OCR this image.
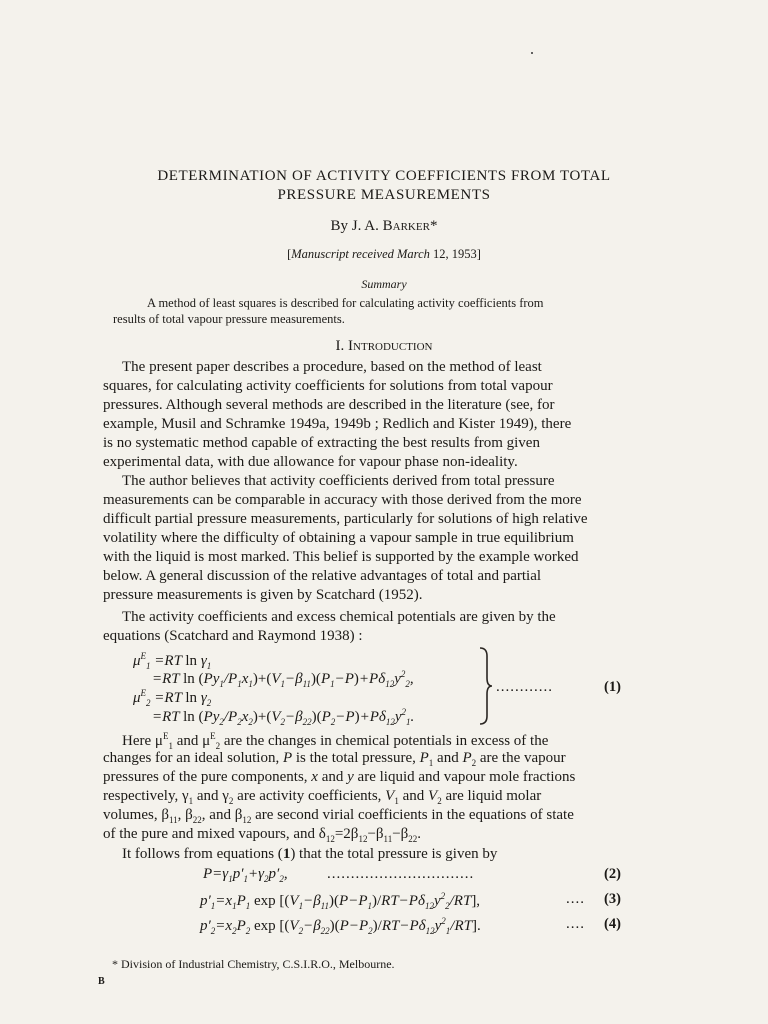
DETERMINATION OF ACTIVITY COEFFICIENTS FROM TOTAL
PRESSURE MEASUREMENTS
By J. A. Barker*
[Manuscript received March 12, 1953]
Summary
A method of least squares is described for calculating activity coefficients from
results of total vapour pressure measurements.
I. Introduction
The present paper describes a procedure, based on the method of least
squares, for calculating activity coefficients for solutions from total vapour
pressures. Although several methods are described in the literature (see, for
example, Musil and Schramke 1949a, 1949b ; Redlich and Kister 1949), there
is no systematic method capable of extracting the best results from given
experimental data, with due allowance for vapour phase non-ideality.
The author believes that activity coefficients derived from total pressure
measurements can be comparable in accuracy with those derived from the more
difficult partial pressure measurements, particularly for solutions of high relative
volatility where the difficulty of obtaining a vapour sample in true equilibrium
with the liquid is most marked. This belief is supported by the example worked
below. A general discussion of the relative advantages of total and partial
pressure measurements is given by Scatchard (1952).
The activity coefficients and excess chemical potentials are given by the
equations (Scatchard and Raymond 1938) :
$\mu^E_1 =RT$ $\ln \gamma_1$
=RT $\ln (Py_1/P_1x_1)+(V_1-\beta_{11})(P_1-P)+P\delta_{12}y^2_2$,
$\mu^E_2 =RT$ $\ln \gamma_2$
=RT $\ln (Py_2/P_2x_2)+(V_2-\beta_{22})(P_2-P)+P\delta_{12}y^2_1$.
............	(1)
Here $\mu^E_1$ and $\mu^E_2$ are the changes in chemical potentials in excess of the
changes for an ideal solution, P is the total pressure, $P_1$ and $P_2$ are the vapour
pressures of the pure components, x and y are liquid and vapour mole fractions
respectively, $\gamma_1$ and $\gamma_2$ are activity coefficients, $V_1$ and $V_2$ are liquid molar
volumes, $\beta_{11}$, $\beta_{22}$, and $\beta_{12}$ are second virial coefficients in the equations of state
of the pure and mixed vapours, and $\delta_{12}=2\beta_{12}-\beta_{11}-\beta_{22}$.
It follows from equations (1) that the total pressure is given by
$P=\gamma_1p'_1+\gamma_2p'_2$,	...............................	(2)
$p'_1=x_1P_1$ $\exp [(V_1-\beta_{11})(P-P_1)/RT-P\delta_{12}y^2_2/RT]$,	.... (3)
$p'_2=x_2P_2$ $\exp [(V_2-\beta_{22})(P-P_2)/RT-P\delta_{12}y^2_1/RT]$.	.... (4)
* Division of Industrial Chemistry, C.S.I.R.O., Melbourne.
B
